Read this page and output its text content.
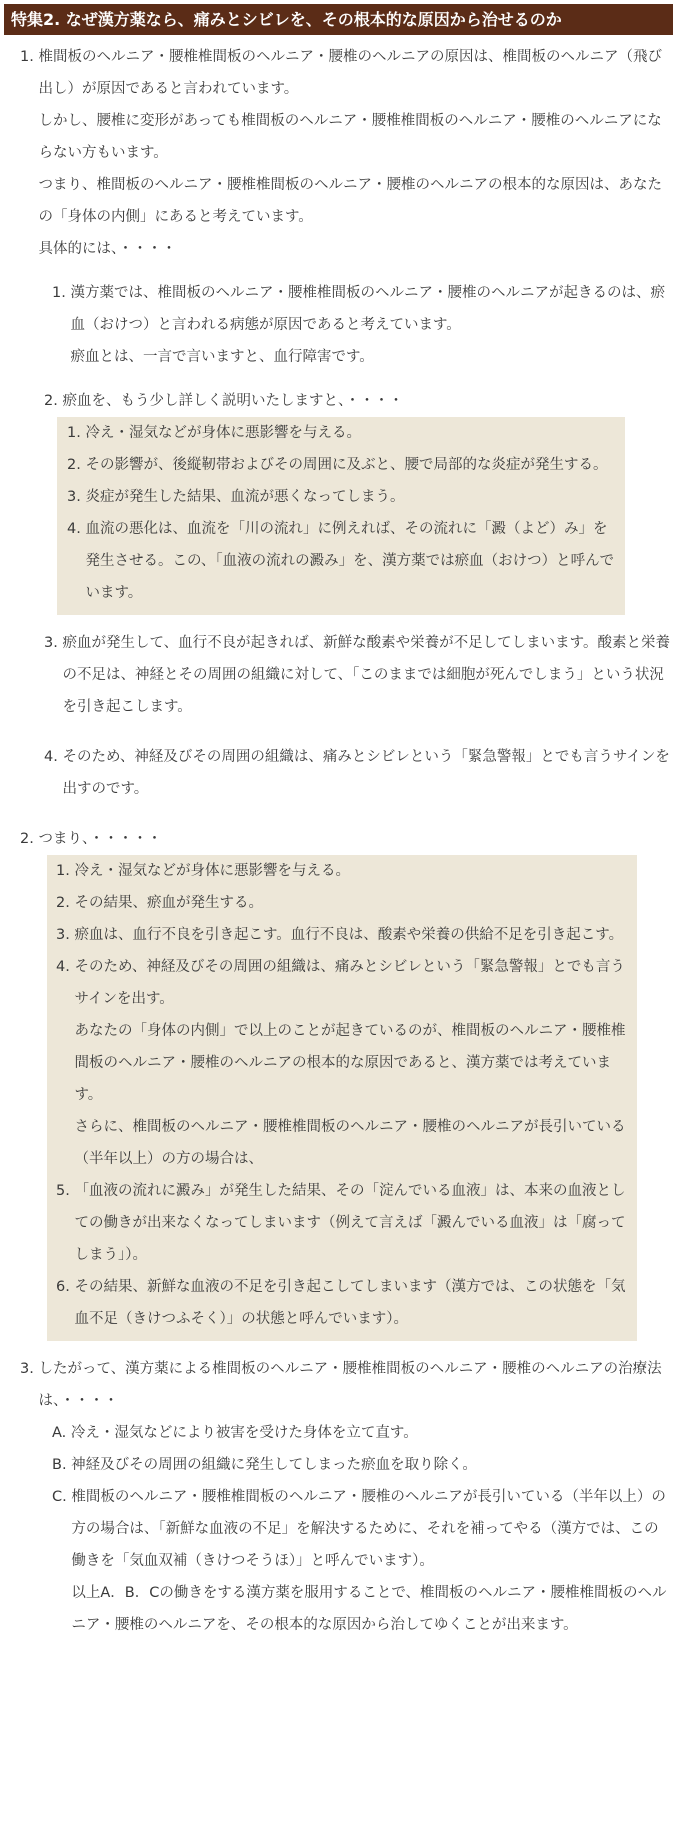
特集2. なぜ漢方薬なら、痛みとシビレを、その根本的な原因から治せるのか
1. 椎間板のヘルニア・腰椎椎間板のヘルニア・腰椎のヘルニアの原因は、椎間板のヘルニア（飛び出し）が原因であると言われています。
しかし、腰椎に変形があっても椎間板のヘルニア・腰椎椎間板のヘルニア・腰椎のヘルニアにならない方もいます。
つまり、椎間板のヘルニア・腰椎椎間板のヘルニア・腰椎のヘルニアの根本的な原因は、あなたの「身体の内側」にあると考えています。
具体的には、・・・・
1. 漢方薬では、椎間板のヘルニア・腰椎椎間板のヘルニア・腰椎のヘルニアが起きるのは、瘀血（おけつ）と言われる病態が原因であると考えています。
瘀血とは、一言で言いますと、血行障害です。
2. 瘀血を、もう少し詳しく説明いたしますと、・・・・
1. 冷え・湿気などが身体に悪影響を与える。
2. その影響が、後縦靭帯およびその周囲に及ぶと、腰で局部的な炎症が発生する。
3. 炎症が発生した結果、血流が悪くなってしまう。
4. 血流の悪化は、血流を「川の流れ」に例えれば、その流れに「澱（よど）み」を発生させる。この、「血液の流れの澱み」を、漢方薬では瘀血（おけつ）と呼んでいます。
3. 瘀血が発生して、血行不良が起きれば、新鮮な酸素や栄養が不足してしまいます。酸素と栄養の不足は、神経とその周囲の組織に対して、「このままでは細胞が死んでしまう」という状況を引き起こします。
4. そのため、神経及びその周囲の組織は、痛みとシビレという「緊急警報」とでも言うサインを出すのです。
2. つまり、・・・・・
1. 冷え・湿気などが身体に悪影響を与える。
2. その結果、瘀血が発生する。
3. 瘀血は、血行不良を引き起こす。血行不良は、酸素や栄養の供給不足を引き起こす。
4. そのため、神経及びその周囲の組織は、痛みとシビレという「緊急警報」とでも言うサインを出す。
あなたの「身体の内側」で以上のことが起きているのが、椎間板のヘルニア・腰椎椎間板のヘルニア・腰椎のヘルニアの根本的な原因であると、漢方薬では考えています。
さらに、椎間板のヘルニア・腰椎椎間板のヘルニア・腰椎のヘルニアが長引いている（半年以上）の方の場合は、
5. 「血液の流れに澱み」が発生した結果、その「淀んでいる血液」は、本来の血液としての働きが出来なくなってしまいます（例えて言えば「澱んでいる血液」は「腐ってしまう」）。
6. その結果、新鮮な血液の不足を引き起こしてしまいます（漢方では、この状態を「気血不足（きけつふそく）」の状態と呼んでいます）。
3. したがって、漢方薬による椎間板のヘルニア・腰椎椎間板のヘルニア・腰椎のヘルニアの治療法は、・・・・
A. 冷え・湿気などにより被害を受けた身体を立て直す。
B. 神経及びその周囲の組織に発生してしまった瘀血を取り除く。
C. 椎間板のヘルニア・腰椎椎間板のヘルニア・腰椎のヘルニアが長引いている（半年以上）の方の場合は、「新鮮な血液の不足」を解決するために、それを補ってやる（漢方では、この働きを「気血双補（きけつそうほ）」と呼んでいます）。
以上A．B．Cの働きをする漢方薬を服用することで、椎間板のヘルニア・腰椎椎間板のヘルニア・腰椎のヘルニアを、その根本的な原因から治してゆくことが出来ます。
